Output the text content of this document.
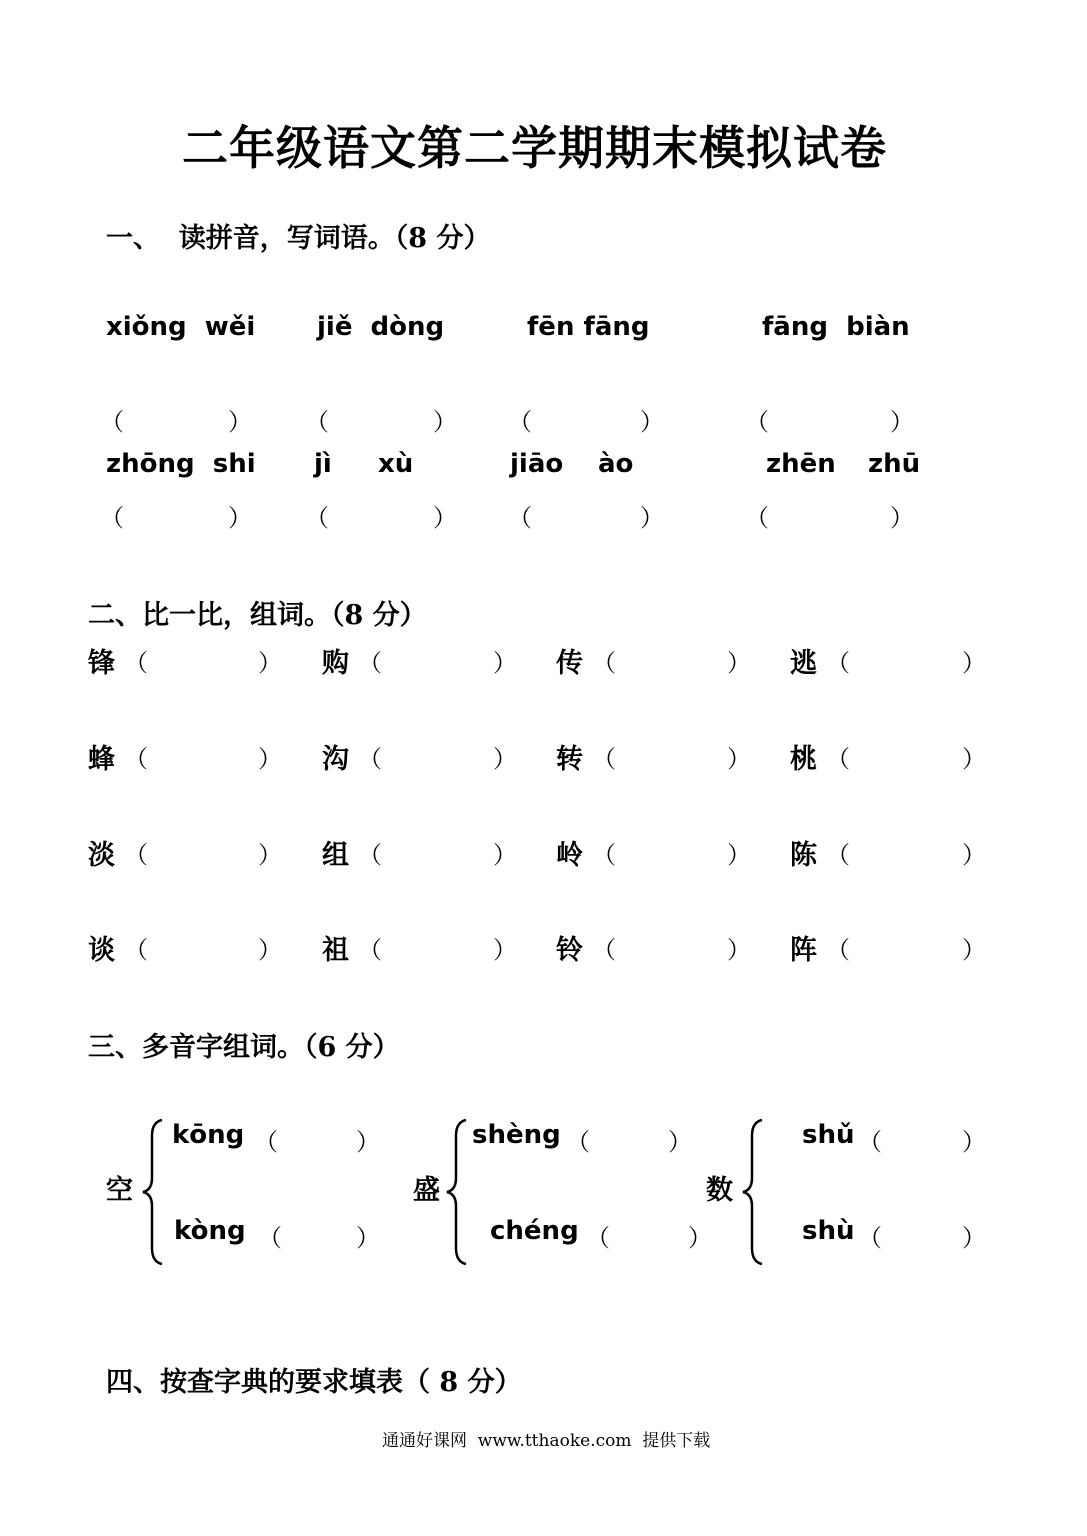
二年级语文第二学期期末模拟试卷
一、  读拼音，写词语。（8 分）
xiǒng  wěi jiě  dòng	fēn fāng	fāng  biàn
（	） （	） （	）	（	）
zhōng  shi jì xù	jiāo ào	zhēn zhū
（	） （	） （	）	（	）
二、比一比，组词。（8 分）
锋 （	） 购 （	） 传 （	） 逃 （	）
蜂 （	） 沟 （	） 转 （	） 桃 （	）
淡 （	） 组 （	） 岭 （	） 陈 （	）
谈 （	） 祖 （	） 铃 （	） 阵 （	）
三、多音字组词。（6 分）
空
kōng （	）
kòng （	）
盛
shèng （	）
chéng （	）
数
shǔ （	）
shù （	）
四、按查字典的要求填表（ 8 分）
通通好课网  www.tthaoke.com  提供下载
